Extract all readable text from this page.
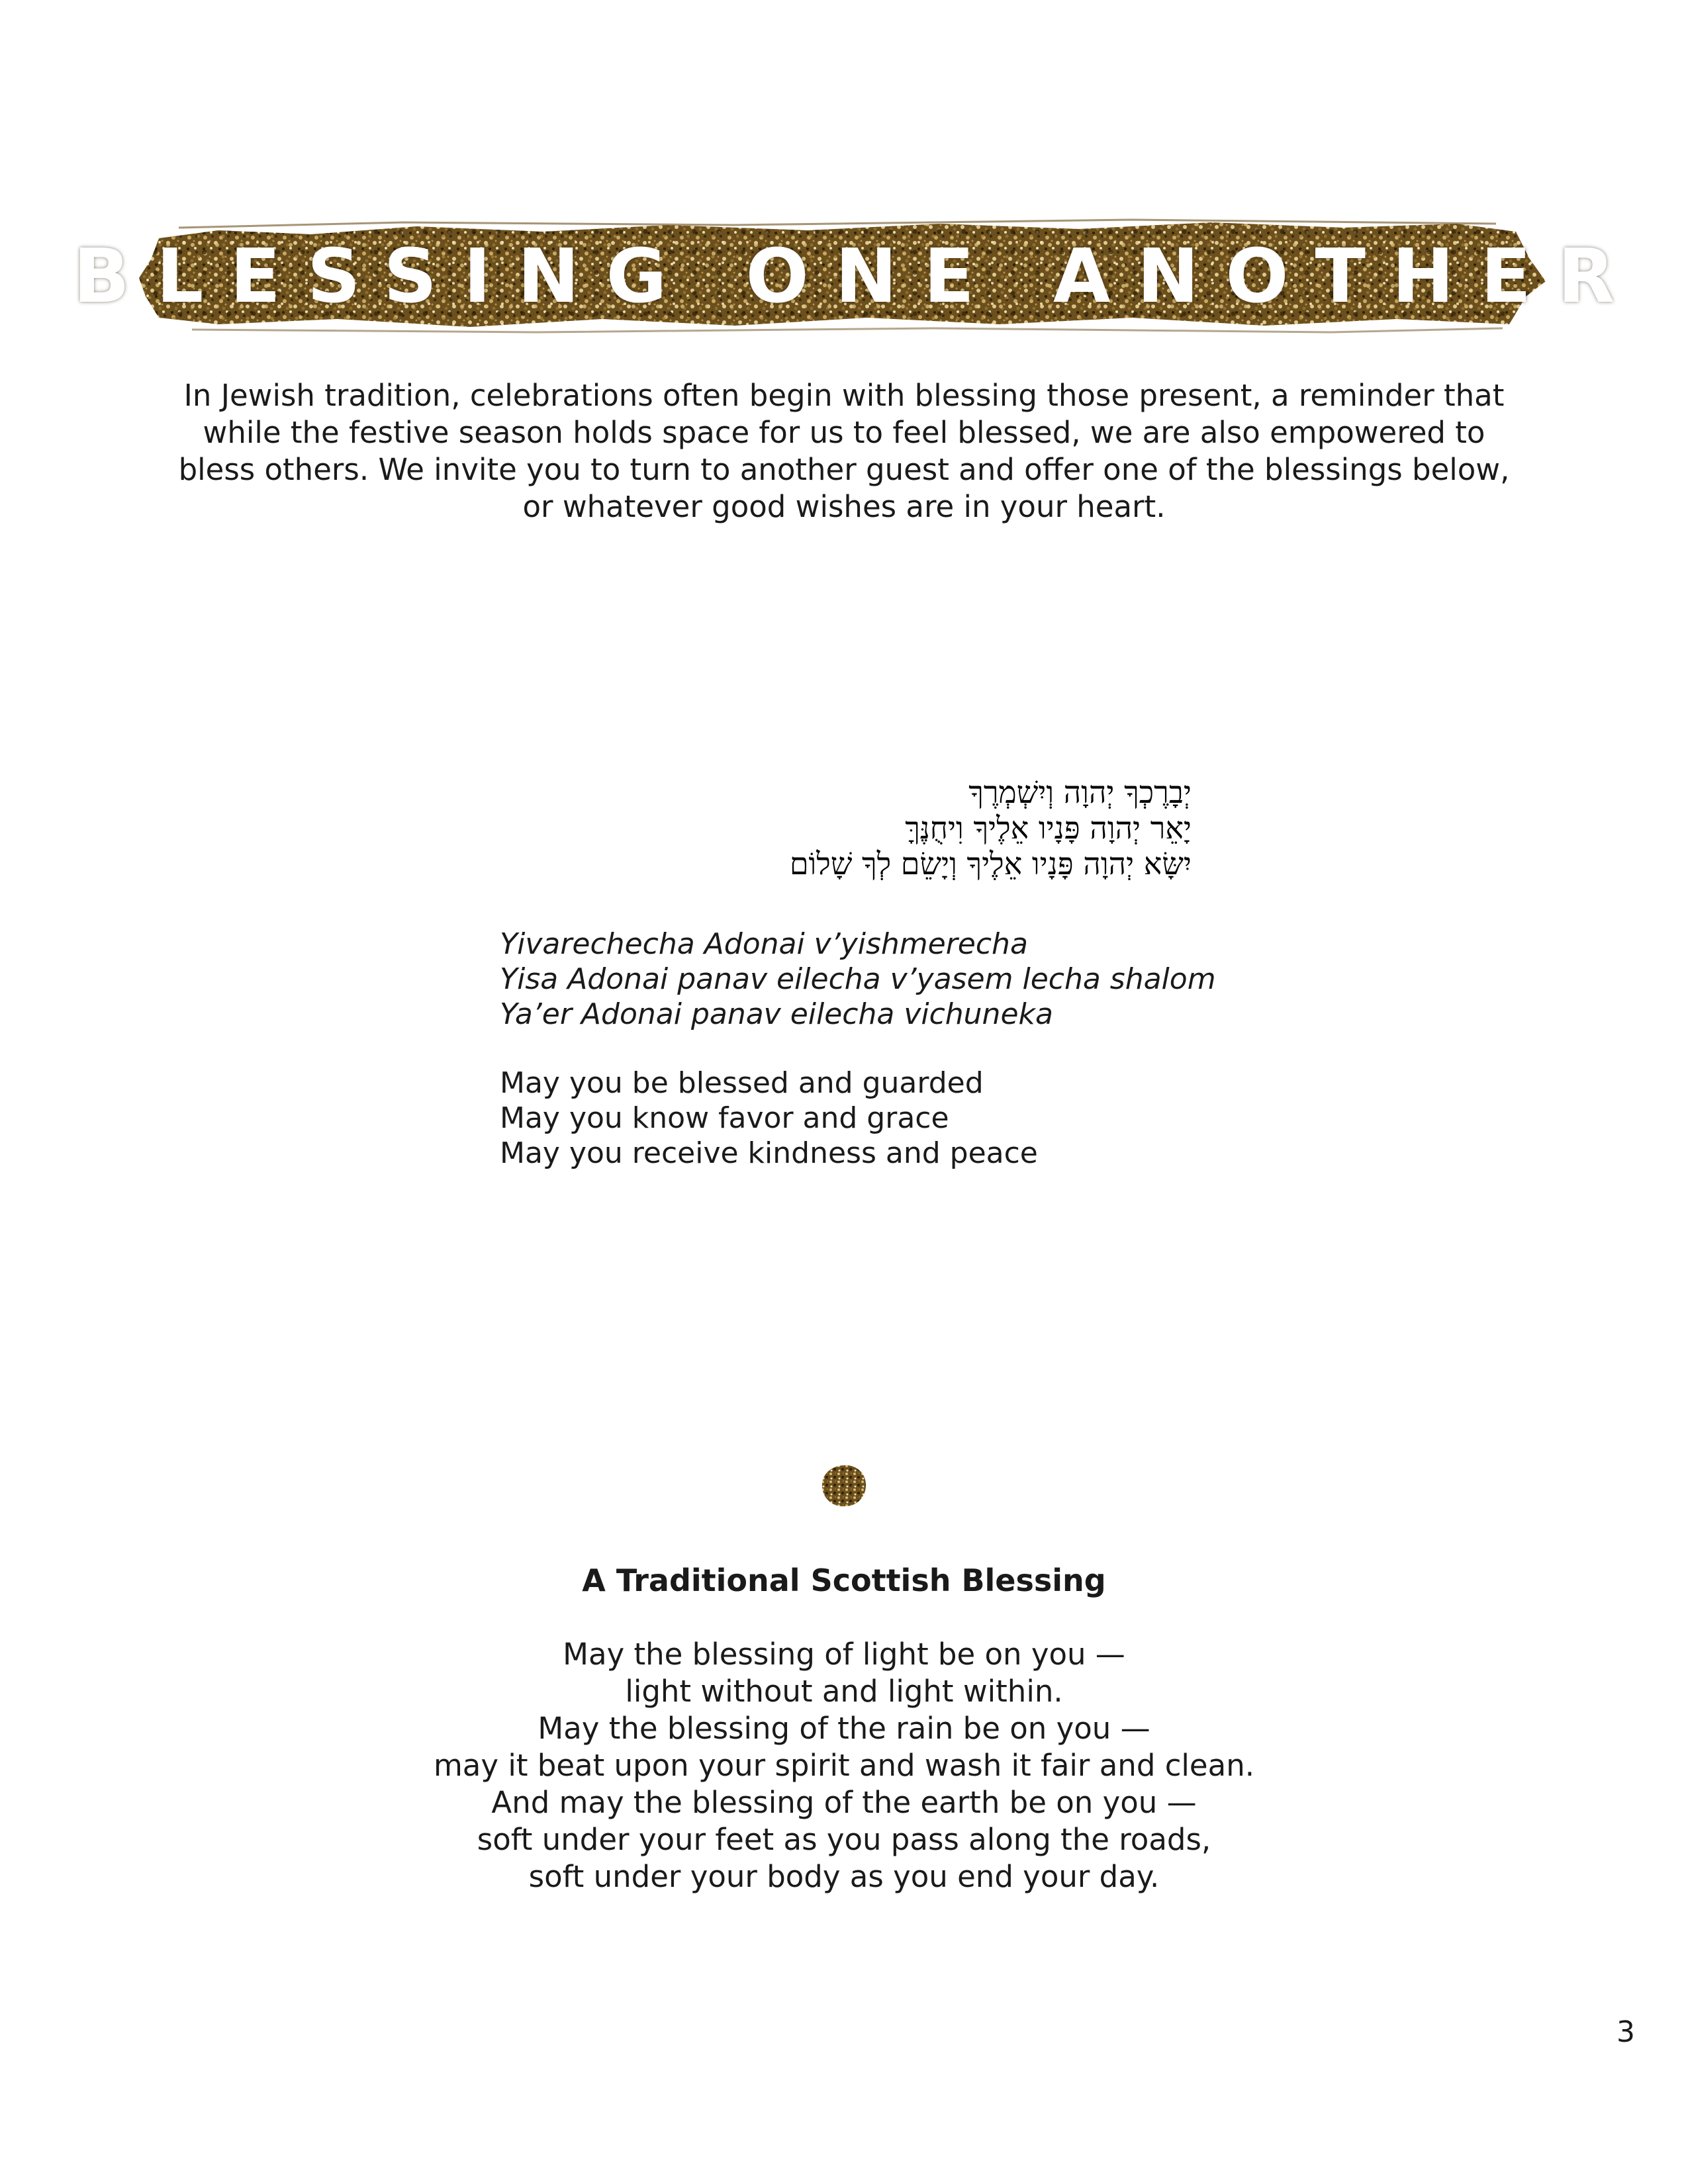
BLESSING ONE ANOTHER
In Jewish tradition, celebrations often begin with blessing those present, a reminder that
while the festive season holds space for us to feel blessed, we are also empowered to
bless others. We invite you to turn to another guest and offer one of the blessings below,
or whatever good wishes are in your heart.
יְבָרֶכְךָ יְהוָה וְיִשְׁמְרֶךָ
יָאֵר יְהוָה פָּנָיו אֵלֶיךָ וִיחֻנֶּךָּ
יִשָּׂא יְהוָה פָּנָיו אֵלֶיךָ וְיָשֵׂם לְךָ שָׁלוֹם
Yivarechecha Adonai v’yishmerecha
Yisa Adonai panav eilecha v’yasem lecha shalom
Ya’er Adonai panav eilecha vichuneka
May you be blessed and guarded
May you know favor and grace
May you receive kindness and peace
A Traditional Scottish Blessing
May the blessing of light be on you —
light without and light within.
May the blessing of the rain be on you —
may it beat upon your spirit and wash it fair and clean.
And may the blessing of the earth be on you —
soft under your feet as you pass along the roads,
soft under your body as you end your day.
3
